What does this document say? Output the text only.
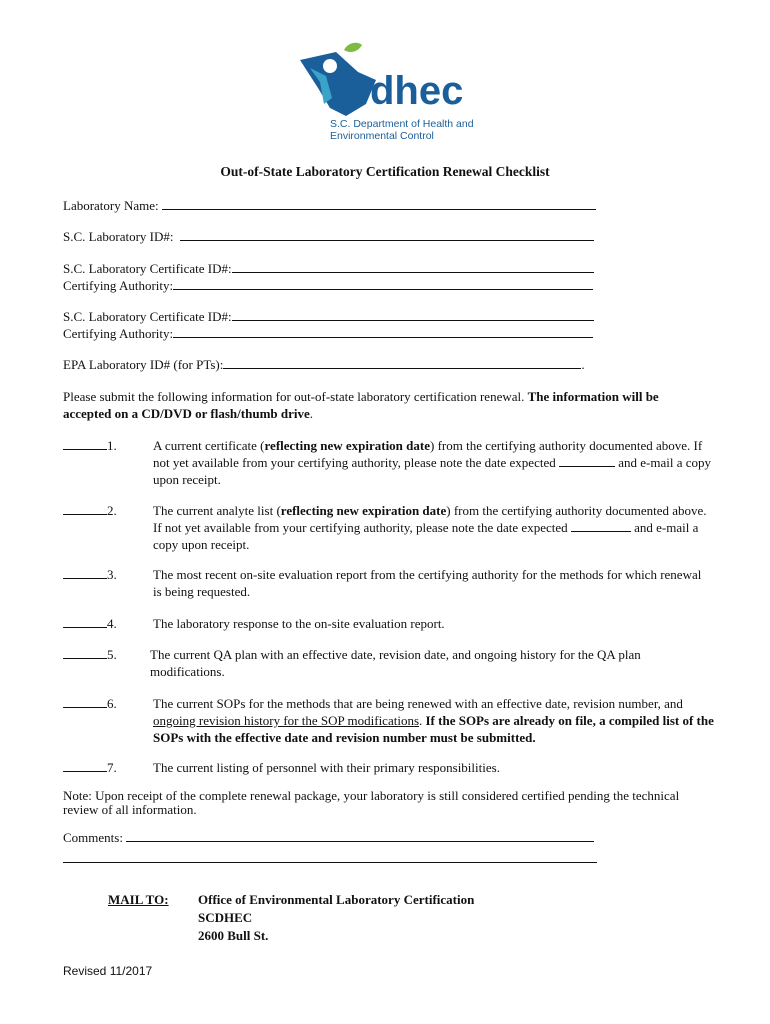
dhec
S.C. Department of Health and
Environmental Control
Out-of-State Laboratory Certification Renewal Checklist
Laboratory Name:
S.C. Laboratory ID#:
S.C. Laboratory Certificate ID#:
Certifying Authority:
S.C. Laboratory Certificate ID#:
Certifying Authority:
EPA Laboratory ID# (for PTs):	.
Please submit the following information for out-of-state laboratory certification renewal. The information will be accepted on a CD/DVD or flash/thumb drive.
1.	A current certificate (reflecting new expiration date) from the certifying authority documented above. If not yet available from your certifying authority, please note the date expected	and e-mail a copy upon receipt.
2.	The current analyte list (reflecting new expiration date) from the certifying authority documented above. If not yet available from your certifying authority, please note the date expected	and e-mail a copy upon receipt.
3.	The most recent on-site evaluation report from the certifying authority for the methods for which renewal is being requested.
4.	The laboratory response to the on-site evaluation report.
5.	The current QA plan with an effective date, revision date, and ongoing history for the QA plan modifications.
6.	The current SOPs for the methods that are being renewed with an effective date, revision number, and ongoing revision history for the SOP modifications. If the SOPs are already on file, a compiled list of the SOPs with the effective date and revision number must be submitted.
7.	The current listing of personnel with their primary responsibilities.
Note: Upon receipt of the complete renewal package, your laboratory is still considered certified pending the technical review of all information.
Comments:
MAIL TO: Office of Environmental Laboratory Certification
SCDHEC
2600 Bull St.
Revised 11/2017
